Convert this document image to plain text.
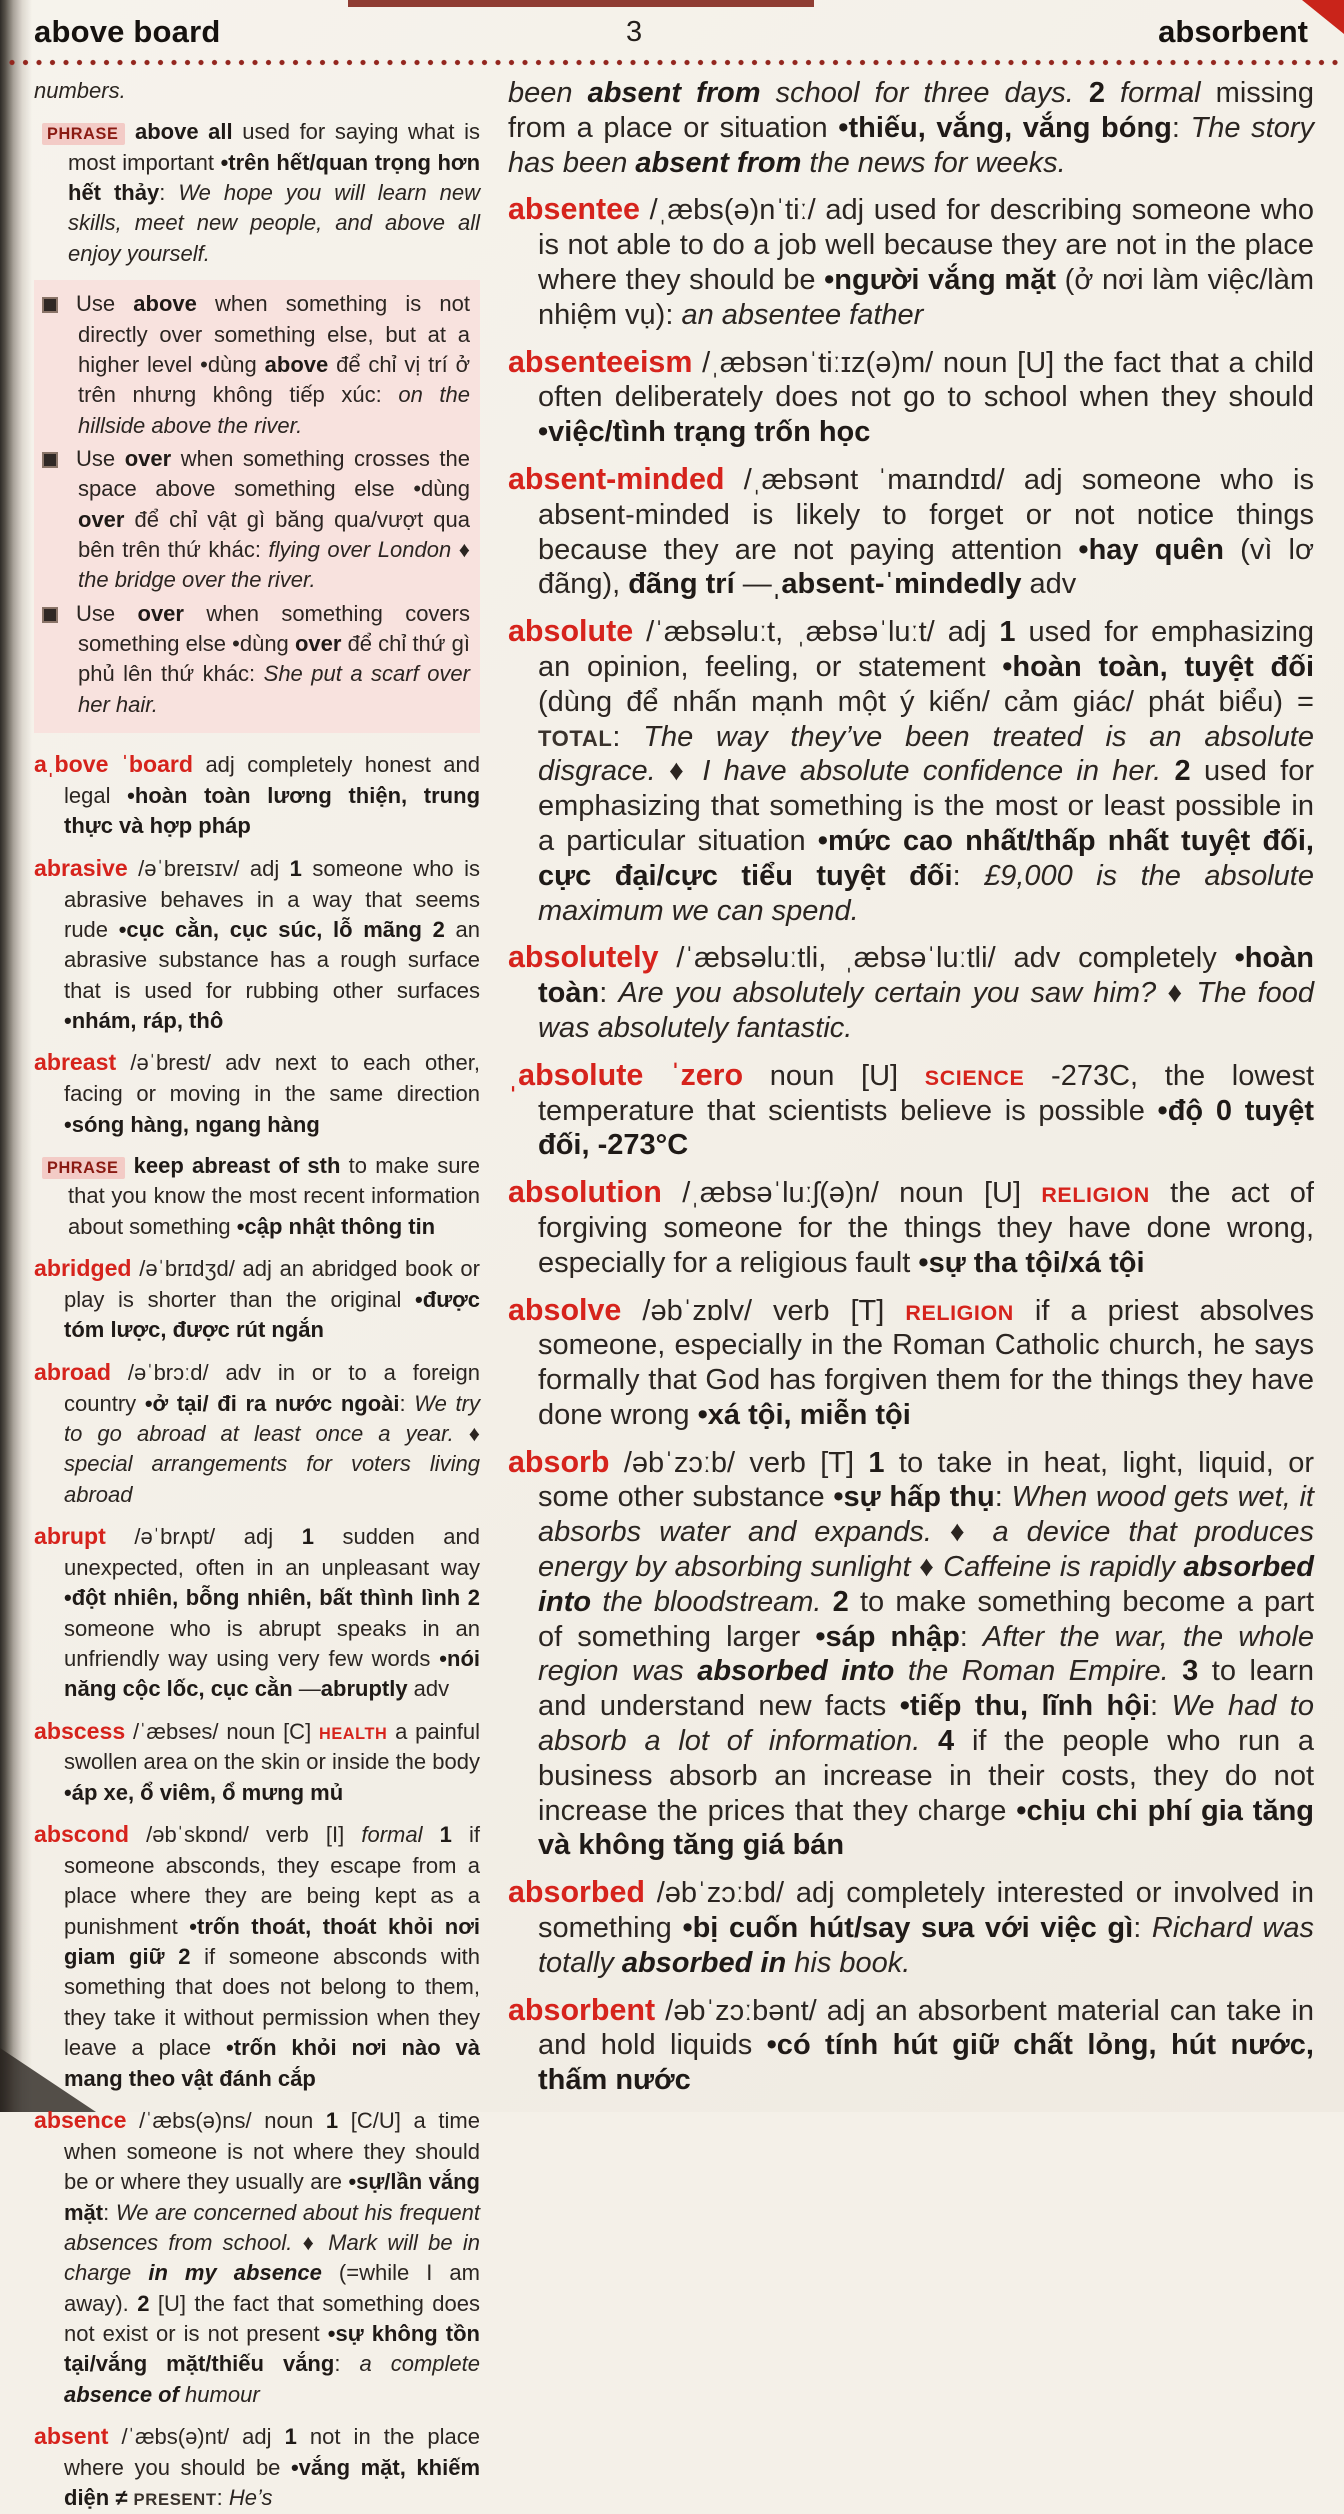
above board	3	absorbent
numbers.
PHRASE above all used for saying what is most important •trên hết/quan trọng hơn hết thảy: We hope you will learn new skills, meet new people, and above all enjoy yourself.
Use above when something is not directly over something else, but at a higher level •dùng above để chỉ vị trí ở trên nhưng không tiếp xúc: on the hillside above the river.
Use over when something crosses the space above something else •dùng over để chỉ vật gì băng qua/vượt qua bên trên thứ khác: flying over London ♦ the bridge over the river.
Use over when something covers something else •dùng over để chỉ thứ gì phủ lên thứ khác: She put a scarf over her hair.
aˌbove ˈboard adj completely honest and legal •hoàn toàn lương thiện, trung thực và hợp pháp
abrasive /əˈbreɪsɪv/ adj 1 someone who is abrasive behaves in a way that seems rude •cục cằn, cục súc, lỗ mãng 2 an abrasive substance has a rough surface that is used for rubbing other surfaces •nhám, ráp, thô
abreast /əˈbrest/ adv next to each other, facing or moving in the same direction •sóng hàng, ngang hàng
PHRASE keep abreast of sth to make sure that you know the most recent information about something •cập nhật thông tin
abridged /əˈbrɪdʒd/ adj an abridged book or play is shorter than the original •được tóm lược, được rút ngắn
abroad /əˈbrɔːd/ adv in or to a foreign country •ở tại/ đi ra nước ngoài: We try to go abroad at least once a year. ♦ special arrangements for voters living abroad
abrupt /əˈbrʌpt/ adj 1 sudden and unexpected, often in an unpleasant way •đột nhiên, bỗng nhiên, bất thình lình 2 someone who is abrupt speaks in an unfriendly way using very few words •nói năng cộc lốc, cục cằn —abruptly adv
abscess /ˈæbses/ noun [C] HEALTH a painful swollen area on the skin or inside the body •áp xe, ổ viêm, ổ mưng mủ
abscond /əbˈskɒnd/ verb [I] formal 1 if someone absconds, they escape from a place where they are being kept as a punishment •trốn thoát, thoát khỏi nơi giam giữ 2 if someone absconds with something that does not belong to them, they take it without permission when they leave a place •trốn khỏi nơi nào và mang theo vật đánh cắp
absence /ˈæbs(ə)ns/ noun 1 [C/U] a time when someone is not where they should be or where they usually are •sự/lần vắng mặt: We are concerned about his frequent absences from school. ♦ Mark will be in charge in my absence (=while I am away). 2 [U] the fact that something does not exist or is not present •sự không tồn tại/vắng mặt/thiếu vắng: a complete absence of humour
absent /ˈæbs(ə)nt/ adj 1 not in the place where you should be •vắng mặt, khiếm diện ≠ PRESENT: He’s
been absent from school for three days. 2 formal missing from a place or situation •thiếu, vắng, vắng bóng: The story has been absent from the news for weeks.
absentee /ˌæbs(ə)nˈtiː/ adj used for describing someone who is not able to do a job well because they are not in the place where they should be •người vắng mặt (ở nơi làm việc/làm nhiệm vụ): an absentee father
absenteeism /ˌæbsənˈtiːɪz(ə)m/ noun [U] the fact that a child often deliberately does not go to school when they should •việc/tình trạng trốn học
absent-minded /ˌæbsənt ˈmaɪndɪd/ adj someone who is absent-minded is likely to forget or not notice things because they are not paying attention •hay quên (vì lơ đãng), đãng trí —ˌabsent-ˈmindedly adv
absolute /ˈæbsəluːt, ˌæbsəˈluːt/ adj 1 used for emphasizing an opinion, feeling, or statement •hoàn toàn, tuyệt đối (dùng để nhấn mạnh một ý kiến/ cảm giác/ phát biểu) = TOTAL: The way they’ve been treated is an absolute disgrace. ♦ I have absolute confidence in her. 2 used for emphasizing that something is the most or least possible in a particular situation •mức cao nhất/thấp nhất tuyệt đối, cực đại/cực tiểu tuyệt đối: £9,000 is the absolute maximum we can spend.
absolutely /ˈæbsəluːtli, ˌæbsəˈluːtli/ adv completely •hoàn toàn: Are you absolutely certain you saw him? ♦ The food was absolutely fantastic.
ˌabsolute ˈzero noun [U] SCIENCE -273C, the lowest temperature that scientists believe is possible •độ 0 tuyệt đối, -273°C
absolution /ˌæbsəˈluːʃ(ə)n/ noun [U] RELIGION the act of forgiving someone for the things they have done wrong, especially for a religious fault •sự tha tội/xá tội
absolve /əbˈzɒlv/ verb [T] RELIGION if a priest absolves someone, especially in the Roman Catholic church, he says formally that God has forgiven them for the things they have done wrong •xá tội, miễn tội
absorb /əbˈzɔːb/ verb [T] 1 to take in heat, light, liquid, or some other substance •sự hấp thụ: When wood gets wet, it absorbs water and expands. ♦ a device that produces energy by absorbing sunlight ♦ Caffeine is rapidly absorbed into the bloodstream. 2 to make something become a part of something larger •sáp nhập: After the war, the whole region was absorbed into the Roman Empire. 3 to learn and understand new facts •tiếp thu, lĩnh hội: We had to absorb a lot of information. 4 if the people who run a business absorb an increase in their costs, they do not increase the prices that they charge •chịu chi phí gia tăng và không tăng giá bán
absorbed /əbˈzɔːbd/ adj completely interested or involved in something •bị cuốn hút/say sưa với việc gì: Richard was totally absorbed in his book.
absorbent /əbˈzɔːbənt/ adj an absorbent material can take in and hold liquids •có tính hút giữ chất lỏng, hút nước, thấm nước
